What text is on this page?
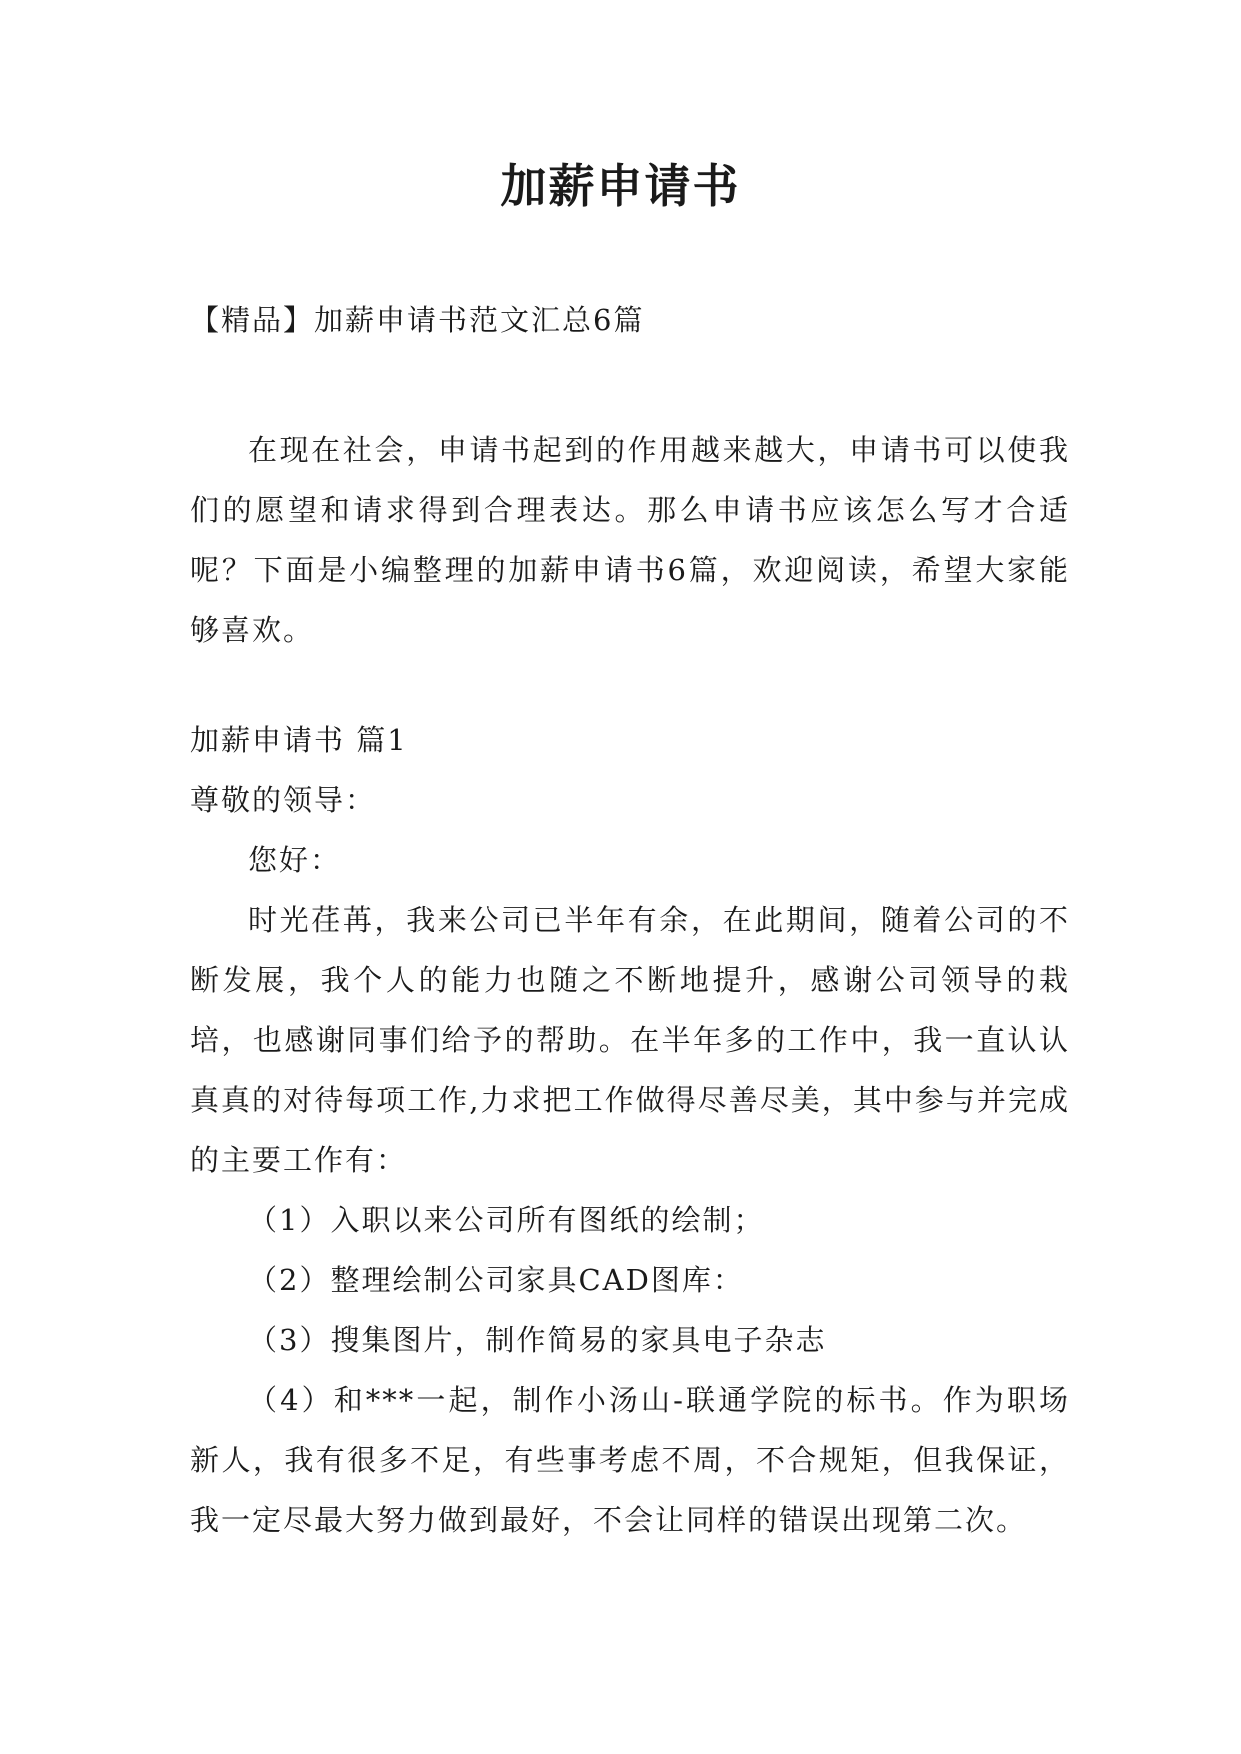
加薪申请书

【精品】加薪申请书范文汇总6篇

在现在社会，申请书起到的作用越来越大，申请书可以使我们的愿望和请求得到合理表达。那么申请书应该怎么写才合适呢？下面是小编整理的加薪申请书6篇，欢迎阅读，希望大家能够喜欢。

加薪申请书 篇1

尊敬的领导：

您好：

时光荏苒，我来公司已半年有余，在此期间，随着公司的不断发展，我个人的能力也随之不断地提升，感谢公司领导的栽培，也感谢同事们给予的帮助。在半年多的工作中，我一直认认真真的对待每项工作,力求把工作做得尽善尽美，其中参与并完成的主要工作有：

（1）入职以来公司所有图纸的绘制；

（2）整理绘制公司家具CAD图库：

（3）搜集图片，制作简易的家具电子杂志

（4）和***一起，制作小汤山-联通学院的标书。作为职场新人，我有很多不足，有些事考虑不周，不合规矩，但我保证，我一定尽最大努力做到最好，不会让同样的错误出现第二次。
